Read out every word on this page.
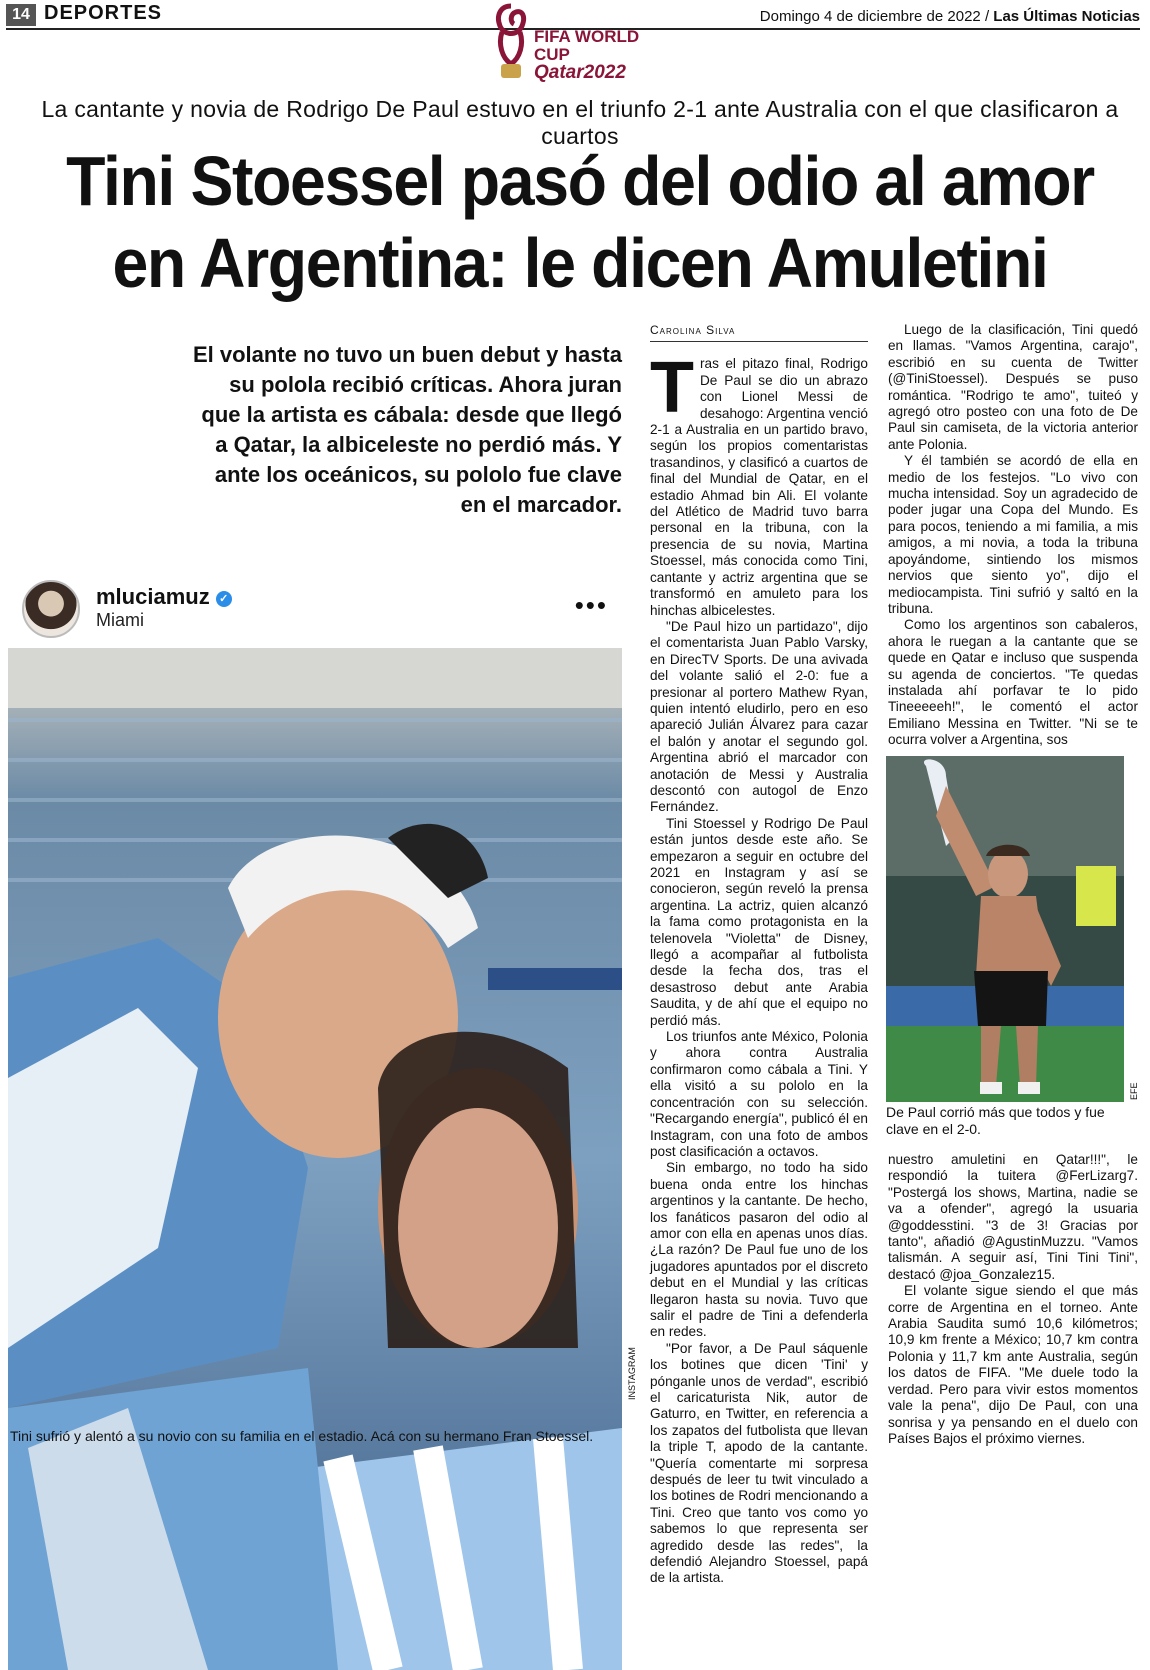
14 DEPORTES	Domingo 4 de diciembre de 2022 / Las Últimas Noticias
FIFA WORLD CUP
Qatar2022
La cantante y novia de Rodrigo De Paul estuvo en el triunfo 2-1 ante Australia con el que clasificaron a cuartos
Tini Stoessel pasó del odio al amor
en Argentina: le dicen Amuletini
El volante no tuvo un buen debut y hasta su polola recibió críticas. Ahora juran que la artista es cábala: desde que llegó a Qatar, la albiceleste no perdió más. Y ante los oceánicos, su pololo fue clave en el marcador.
mluciamuz ✓
Miami	•••
INSTAGRAM
Tini sufrió y alentó a su novio con su familia en el estadio. Acá con su hermano Fran Stoessel.
Carolina Silva

Tras el pitazo final, Rodrigo De Paul se dio un abrazo con Lionel Messi de desahogo: Argentina venció 2-1 a Australia en un partido bravo, según los propios comentaristas trasandinos, y clasificó a cuartos de final del Mundial de Qatar, en el estadio Ahmad bin Ali. El volante del Atlético de Madrid tuvo barra personal en la tribuna, con la presencia de su novia, Martina Stoessel, más conocida como Tini, cantante y actriz argentina que se transformó en amuleto para los hinchas albicelestes.

"De Paul hizo un partidazo", dijo el comentarista Juan Pablo Varsky, en DirecTV Sports. De una avivada del volante salió el 2-0: fue a presionar al portero Mathew Ryan, quien intentó eludirlo, pero en eso apareció Julián Álvarez para cazar el balón y anotar el segundo gol. Argentina abrió el marcador con anotación de Messi y Australia descontó con autogol de Enzo Fernández.

Tini Stoessel y Rodrigo De Paul están juntos desde este año. Se empezaron a seguir en octubre del 2021 en Instagram y así se conocieron, según reveló la prensa argentina. La actriz, quien alcanzó la fama como protagonista en la telenovela "Violetta" de Disney, llegó a acompañar al futbolista desde la fecha dos, tras el desastroso debut ante Arabia Saudita, y de ahí que el equipo no perdió más.

Los triunfos ante México, Polonia y ahora contra Australia confirmaron como cábala a Tini. Y ella visitó a su pololo en la concentración con su selección. "Recargando energía", publicó él en Instagram, con una foto de ambos post clasificación a octavos.

Sin embargo, no todo ha sido buena onda entre los hinchas argentinos y la cantante. De hecho, los fanáticos pasaron del odio al amor con ella en apenas unos días. ¿La razón? De Paul fue uno de los jugadores apuntados por el discreto debut en el Mundial y las críticas llegaron hasta su novia. Tuvo que salir el padre de Tini a defenderla en redes.

"Por favor, a De Paul sáquenle los botines que dicen 'Tini' y pónganle unos de verdad", escribió el caricaturista Nik, autor de Gaturro, en Twitter, en referencia a los zapatos del futbolista que llevan la triple T, apodo de la cantante. "Quería comentarte mi sorpresa después de leer tu twit vinculado a los botines de Rodri mencionando a Tini. Creo que tanto vos como yo sabemos lo que representa ser agredido desde las redes", la defendió Alejandro Stoessel, papá de la artista.

Luego de la clasificación, Tini quedó en llamas. "Vamos Argentina, carajo", escribió en su cuenta de Twitter (@TiniStoessel). Después se puso romántica. "Rodrigo te amo", tuiteó y agregó otro posteo con una foto de De Paul sin camiseta, de la victoria anterior ante Polonia.

Y él también se acordó de ella en medio de los festejos. "Lo vivo con mucha intensidad. Soy un agradecido de poder jugar una Copa del Mundo. Es para pocos, teniendo a mi familia, a mis amigos, a mi novia, a toda la tribuna apoyándome, sintiendo los mismos nervios que siento yo", dijo el mediocampista. Tini sufrió y saltó en la tribuna.

Como los argentinos son cabaleros, ahora le ruegan a la cantante que se quede en Qatar e incluso que suspenda su agenda de conciertos. "Te quedas instalada ahí porfavar te lo pido Tineeeeeh!", le comentó el actor Emiliano Messina en Twitter. "Ni se te ocurra volver a Argentina, sos

EFE
De Paul corrió más que todos y fue clave en el 2-0.

nuestro amuletini en Qatar!!!", le respondió la tuitera @FerLizarg7. "Postergá los shows, Martina, nadie se va a ofender", agregó la usuaria @goddesstini. "3 de 3! Gracias por tanto", añadió @AgustinMuzzu. "Vamos talismán. A seguir así, Tini Tini Tini", destacó @joa_Gonzalez15.

El volante sigue siendo el que más corre de Argentina en el torneo. Ante Arabia Saudita sumó 10,6 kilómetros; 10,9 km frente a México; 10,7 km contra Polonia y 11,7 km ante Australia, según los datos de FIFA. "Me duele todo la verdad. Pero para vivir estos momentos vale la pena", dijo De Paul, con una sonrisa y ya pensando en el duelo con Países Bajos el próximo viernes.
